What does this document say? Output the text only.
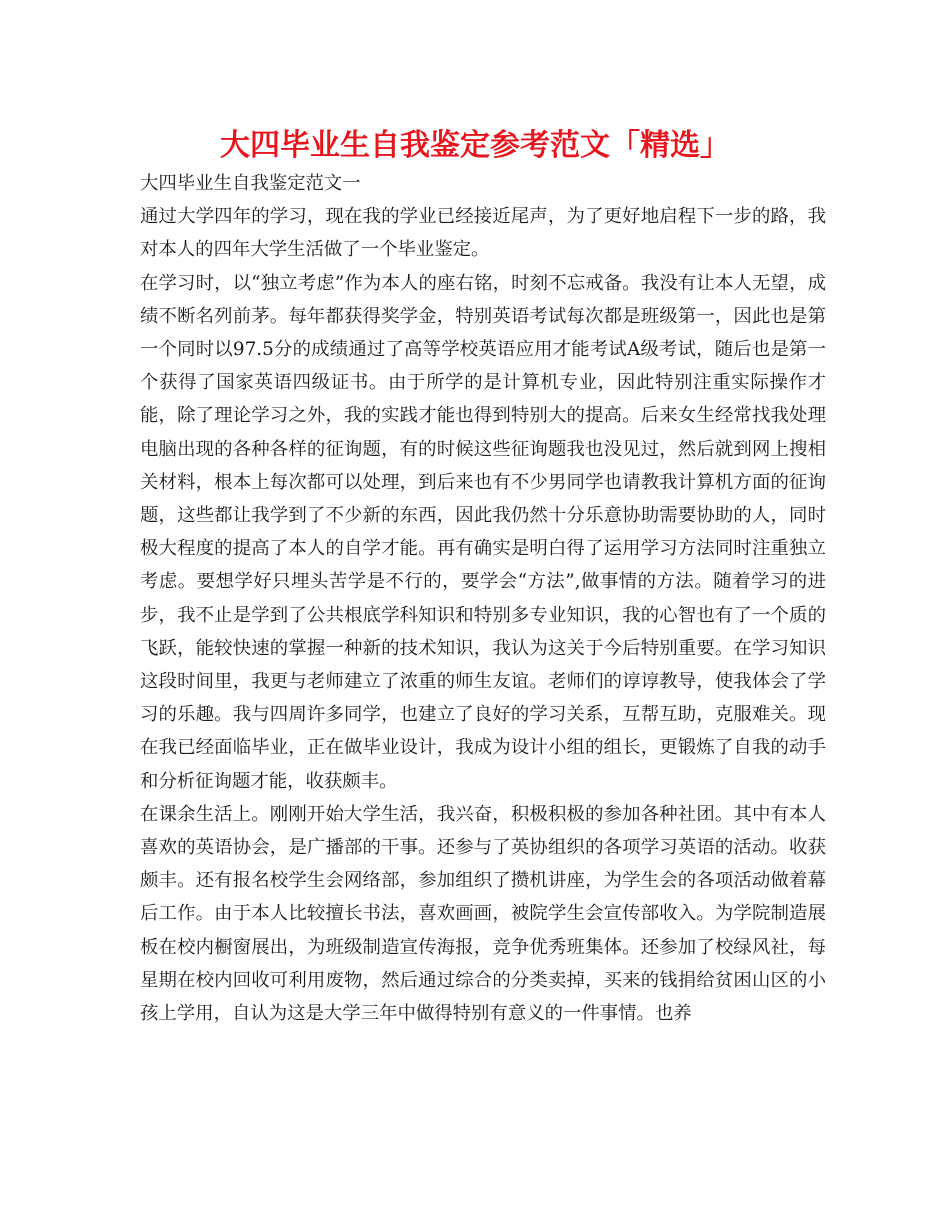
大四毕业生自我鉴定参考范文「精选」

大四毕业生自我鉴定范文一

通过大学四年的学习，现在我的学业已经接近尾声，为了更好地启程下一步的路，我对本人的四年大学生活做了一个毕业鉴定。

在学习时，以“独立考虑”作为本人的座右铭，时刻不忘戒备。我没有让本人无望，成绩不断名列前茅。每年都获得奖学金，特别英语考试每次都是班级第一，因此也是第一个同时以97.5分的成绩通过了高等学校英语应用才能考试A级考试，随后也是第一个获得了国家英语四级证书。由于所学的是计算机专业，因此特别注重实际操作才能，除了理论学习之外，我的实践才能也得到特别大的提高。后来女生经常找我处理电脑出现的各种各样的征询题，有的时候这些征询题我也没见过，然后就到网上搜相关材料，根本上每次都可以处理，到后来也有不少男同学也请教我计算机方面的征询题，这些都让我学到了不少新的东西，因此我仍然十分乐意协助需要协助的人，同时极大程度的提高了本人的自学才能。再有确实是明白得了运用学习方法同时注重独立考虑。要想学好只埋头苦学是不行的，要学会“方法”,做事情的方法。随着学习的进步，我不止是学到了公共根底学科知识和特别多专业知识，我的心智也有了一个质的飞跃，能较快速的掌握一种新的技术知识，我认为这关于今后特别重要。在学习知识这段时间里，我更与老师建立了浓重的师生友谊。老师们的谆谆教导，使我体会了学习的乐趣。我与四周许多同学，也建立了良好的学习关系，互帮互助，克服难关。现在我已经面临毕业，正在做毕业设计，我成为设计小组的组长，更锻炼了自我的动手和分析征询题才能，收获颇丰。

在课余生活上。刚刚开始大学生活，我兴奋，积极积极的参加各种社团。其中有本人喜欢的英语协会，是广播部的干事。还参与了英协组织的各项学习英语的活动。收获颇丰。还有报名校学生会网络部，参加组织了攒机讲座，为学生会的各项活动做着幕后工作。由于本人比较擅长书法，喜欢画画，被院学生会宣传部收入。为学院制造展板在校内橱窗展出，为班级制造宣传海报，竞争优秀班集体。还参加了校绿风社，每星期在校内回收可利用废物，然后通过综合的分类卖掉，买来的钱捐给贫困山区的小孩上学用，自认为这是大学三年中做得特别有意义的一件事情。也养
